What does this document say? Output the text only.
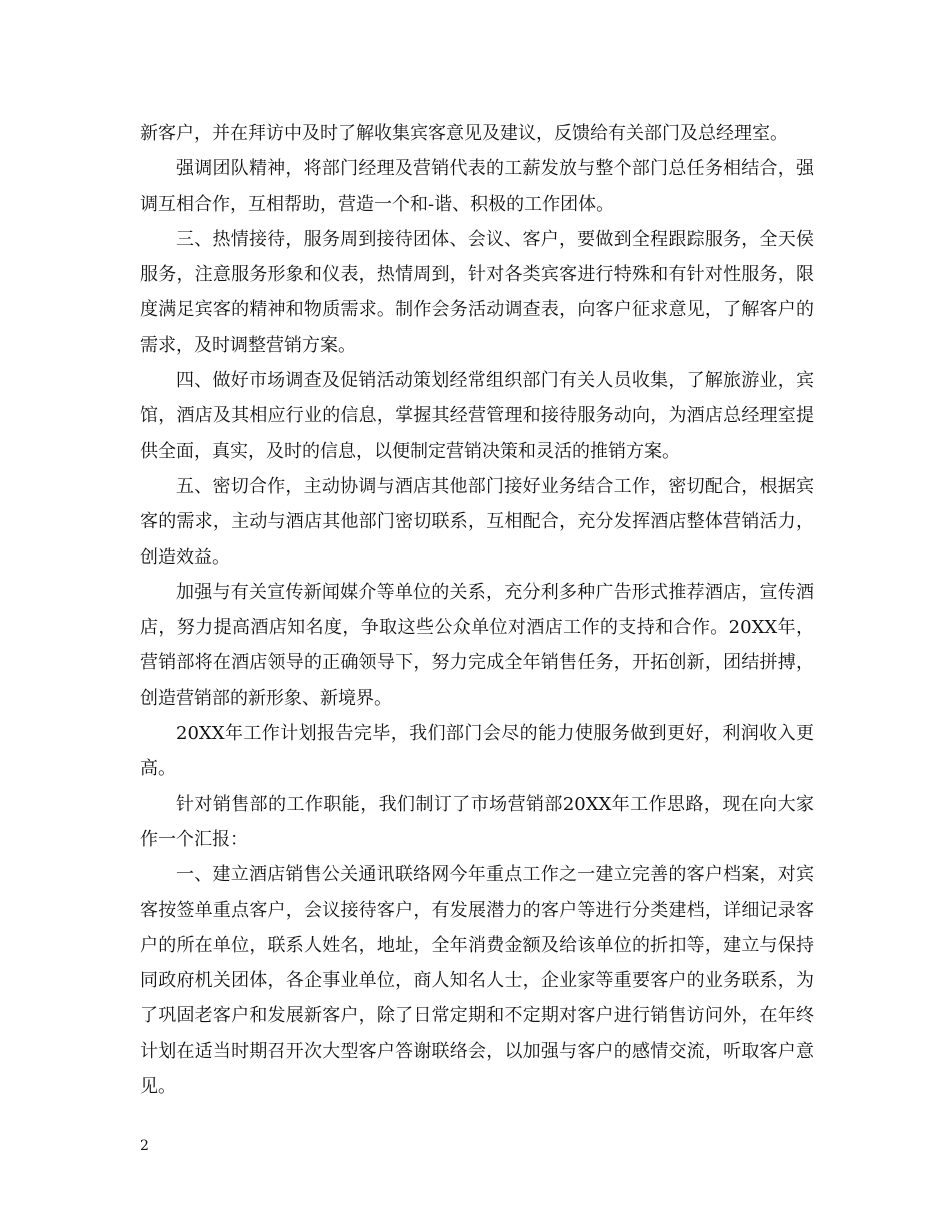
新客户，并在拜访中及时了解收集宾客意见及建议，反馈给有关部门及总经理室。

强调团队精神，将部门经理及营销代表的工薪发放与整个部门总任务相结合，强调互相合作，互相帮助，营造一个和-谐、积极的工作团体。

三、热情接待，服务周到接待团体、会议、客户，要做到全程跟踪服务，全天侯服务，注意服务形象和仪表，热情周到，针对各类宾客进行特殊和有针对性服务，限度满足宾客的精神和物质需求。制作会务活动调查表，向客户征求意见，了解客户的需求，及时调整营销方案。

四、做好市场调查及促销活动策划经常组织部门有关人员收集，了解旅游业，宾馆，酒店及其相应行业的信息，掌握其经营管理和接待服务动向，为酒店总经理室提供全面，真实，及时的信息，以便制定营销决策和灵活的推销方案。

五、密切合作，主动协调与酒店其他部门接好业务结合工作，密切配合，根据宾客的需求，主动与酒店其他部门密切联系，互相配合，充分发挥酒店整体营销活力，创造效益。

加强与有关宣传新闻媒介等单位的关系，充分利多种广告形式推荐酒店，宣传酒店，努力提高酒店知名度，争取这些公众单位对酒店工作的支持和合作。20XX年，营销部将在酒店领导的正确领导下，努力完成全年销售任务，开拓创新，团结拼搏，创造营销部的新形象、新境界。

20XX年工作计划报告完毕，我们部门会尽的能力使服务做到更好，利润收入更高。

针对销售部的工作职能，我们制订了市场营销部20XX年工作思路，现在向大家作一个汇报：

一、建立酒店销售公关通讯联络网今年重点工作之一建立完善的客户档案，对宾客按签单重点客户，会议接待客户，有发展潜力的客户等进行分类建档，详细记录客户的所在单位，联系人姓名，地址，全年消费金额及给该单位的折扣等，建立与保持同政府机关团体，各企事业单位，商人知名人士，企业家等重要客户的业务联系，为了巩固老客户和发展新客户，除了日常定期和不定期对客户进行销售访问外，在年终计划在适当时期召开次大型客户答谢联络会，以加强与客户的感情交流，听取客户意见。

2
